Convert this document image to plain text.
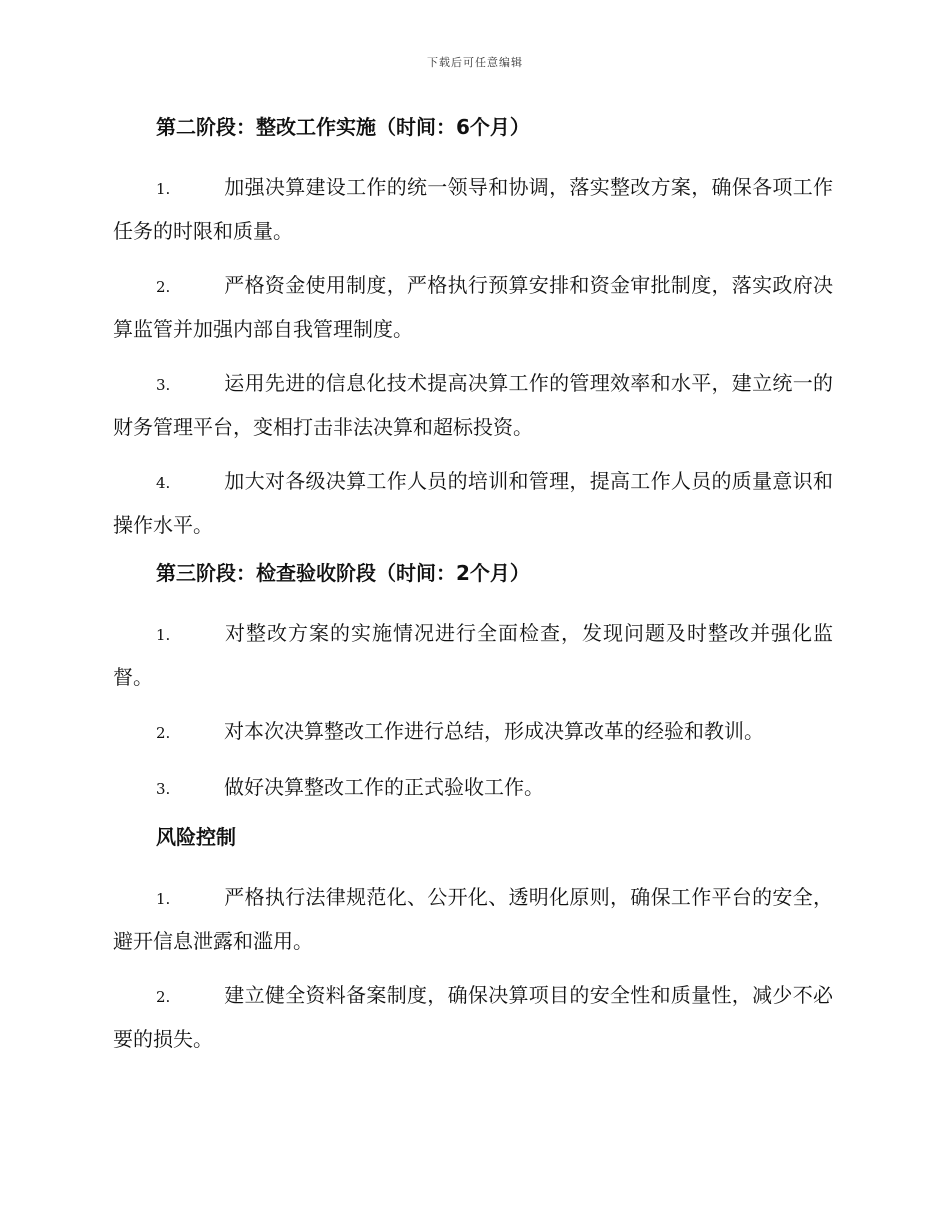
下载后可任意编辑
第二阶段：整改工作实施（时间：6个月）

1.	加强决算建设工作的统一领导和协调，落实整改方案，确保各项工作任务的时限和质量。

2.	严格资金使用制度，严格执行预算安排和资金审批制度，落实政府决算监管并加强内部自我管理制度。

3.	运用先进的信息化技术提高决算工作的管理效率和水平，建立统一的财务管理平台，变相打击非法决算和超标投资。

4.	加大对各级决算工作人员的培训和管理，提高工作人员的质量意识和操作水平。

第三阶段：检查验收阶段（时间：2个月）

1.	对整改方案的实施情况进行全面检查，发现问题及时整改并强化监督。

2.	对本次决算整改工作进行总结，形成决算改革的经验和教训。

3.	做好决算整改工作的正式验收工作。

风险控制

1.	严格执行法律规范化、公开化、透明化原则，确保工作平台的安全，避开信息泄露和滥用。

2.	建立健全资料备案制度，确保决算项目的安全性和质量性，减少不必要的损失。
